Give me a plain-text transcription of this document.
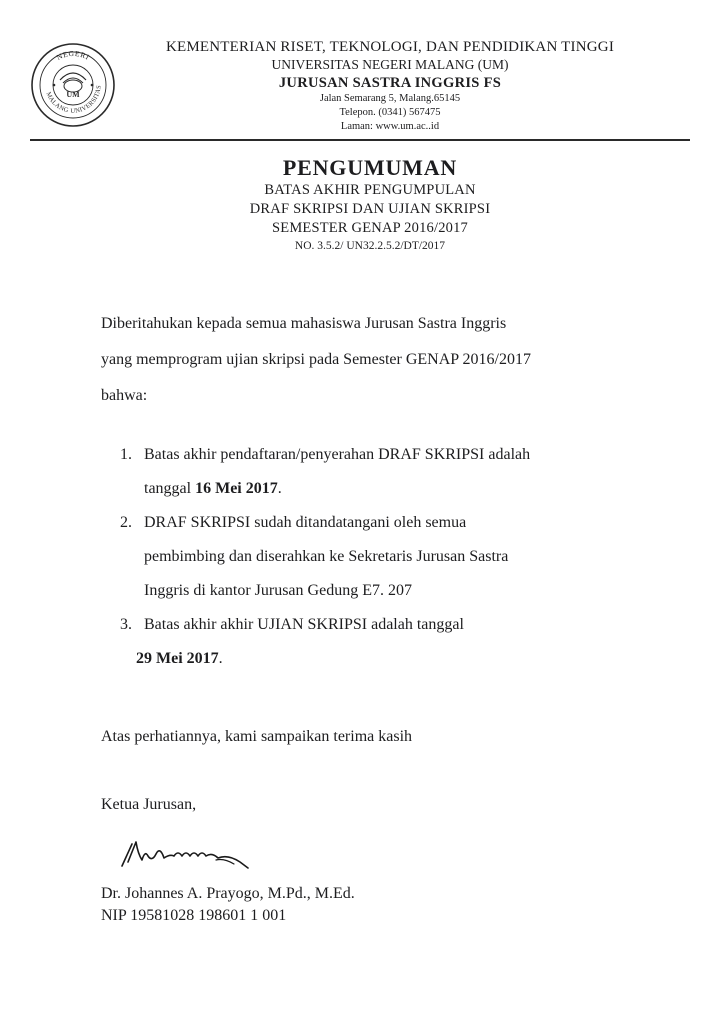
NEGERI
UNIVERSITAS
MALANG
UM
KEMENTERIAN RISET, TEKNOLOGI, DAN PENDIDIKAN TINGGI
UNIVERSITAS NEGERI MALANG (UM)
JURUSAN SASTRA INGGRIS FS
Jalan Semarang 5, Malang.65145
Telepon. (0341) 567475
Laman: www.um.ac..id
PENGUMUMAN
BATAS AKHIR PENGUMPULAN
DRAF SKRIPSI DAN UJIAN SKRIPSI
SEMESTER GENAP 2016/2017
NO. 3.5.2/ UN32.2.5.2/DT/2017
Diberitahukan kepada semua mahasiswa Jurusan Sastra Inggris
yang memprogram ujian skripsi pada Semester GENAP 2016/2017
bahwa:
1. Batas akhir pendaftaran/penyerahan DRAF SKRIPSI adalah
tanggal 16 Mei 2017.
2. DRAF SKRIPSI sudah ditandatangani oleh semua
pembimbing dan diserahkan ke Sekretaris Jurusan Sastra
Inggris di kantor Jurusan Gedung E7. 207
3. Batas akhir akhir UJIAN SKRIPSI adalah tanggal
29 Mei 2017.
Atas perhatiannya, kami sampaikan terima kasih
Ketua Jurusan,
Dr. Johannes A. Prayogo, M.Pd., M.Ed.
NIP 19581028 198601 1 001
